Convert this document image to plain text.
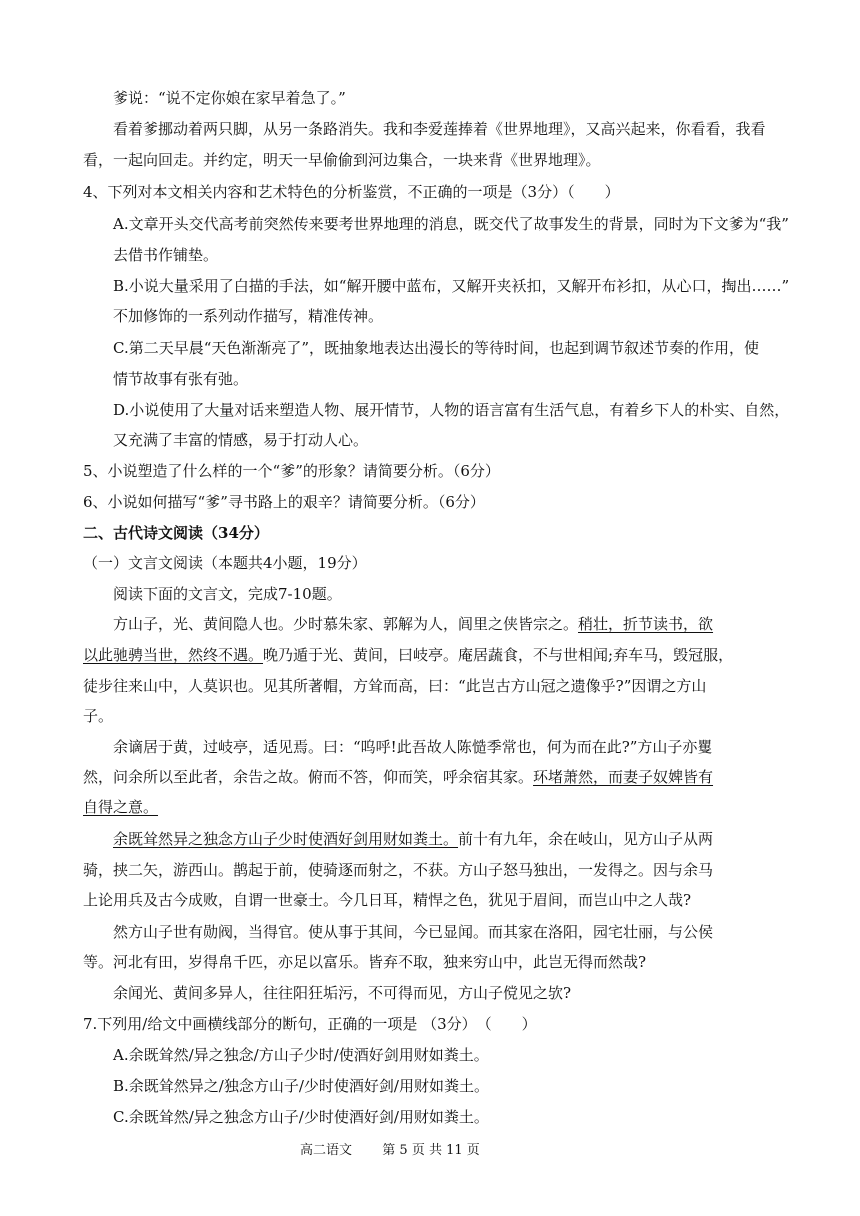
爹说：“说不定你娘在家早着急了。”
看着爹挪动着两只脚，从另一条路消失。我和李爱莲捧着《世界地理》，又高兴起来，你看看，我看
看，一起向回走。并约定，明天一早偷偷到河边集合，一块来背《世界地理》。
4、下列对本文相关内容和艺术特色的分析鉴赏，不正确的一项是（3分）（　　）
A.文章开头交代高考前突然传来要考世界地理的消息，既交代了故事发生的背景，同时为下文爹为“我”
去借书作铺垫。
B.小说大量采用了白描的手法，如“解开腰中蓝布，又解开夹袄扣，又解开布衫扣，从心口，掏出……”
不加修饰的一系列动作描写，精准传神。
C.第二天早晨“天色渐渐亮了”，既抽象地表达出漫长的等待时间，也起到调节叙述节奏的作用，使
情节故事有张有弛。
D.小说使用了大量对话来塑造人物、展开情节，人物的语言富有生活气息，有着乡下人的朴实、自然，
又充满了丰富的情感，易于打动人心。
5、小说塑造了什么样的一个“爹”的形象？请简要分析。（6分）
6、小说如何描写“爹”寻书路上的艰辛？请简要分析。（6分）
二、古代诗文阅读（34分）
（一）文言文阅读（本题共4小题，19分）
阅读下面的文言文，完成7-10题。
方山子，光、黄间隐人也。少时慕朱家、郭解为人，闾里之侠皆宗之。稍壮，折节读书，欲
以此驰骋当世，然终不遇。晚乃遁于光、黄间，曰岐亭。庵居蔬食，不与世相闻;弃车马，毁冠服，
徒步往来山中，人莫识也。见其所著帽，方耸而高，曰：“此岂古方山冠之遗像乎?”因谓之方山
子。
余谪居于黄，过岐亭，适见焉。曰：“呜呼!此吾故人陈慥季常也，何为而在此?”方山子亦矍
然，问余所以至此者，余告之故。俯而不答，仰而笑，呼余宿其家。环堵萧然，而妻子奴婢皆有
自得之意。
余既耸然异之独念方山子少时使酒好剑用财如粪土。前十有九年，余在岐山，见方山子从两
骑，挟二矢，游西山。鹊起于前，使骑逐而射之，不获。方山子怒马独出，一发得之。因与余马
上论用兵及古今成败，自谓一世豪士。今几日耳，精悍之色，犹见于眉间，而岂山中之人哉?
然方山子世有勋阀，当得官。使从事于其间，今已显闻。而其家在洛阳，园宅壮丽，与公侯
等。河北有田，岁得帛千匹，亦足以富乐。皆弃不取，独来穷山中，此岂无得而然哉?
余闻光、黄间多异人，往往阳狂垢污，不可得而见，方山子傥见之欤?
7.下列用/给文中画横线部分的断句，正确的一项是 （3分）　（　　）
A.余既耸然/异之独念/方山子少时/使酒好剑用财如粪土。
B.余既耸然异之/独念方山子/少时使酒好剑/用财如粪土。
C.余既耸然/异之独念方山子/少时使酒好剑/用财如粪土。
高二语文 第 5 页 共 11 页
